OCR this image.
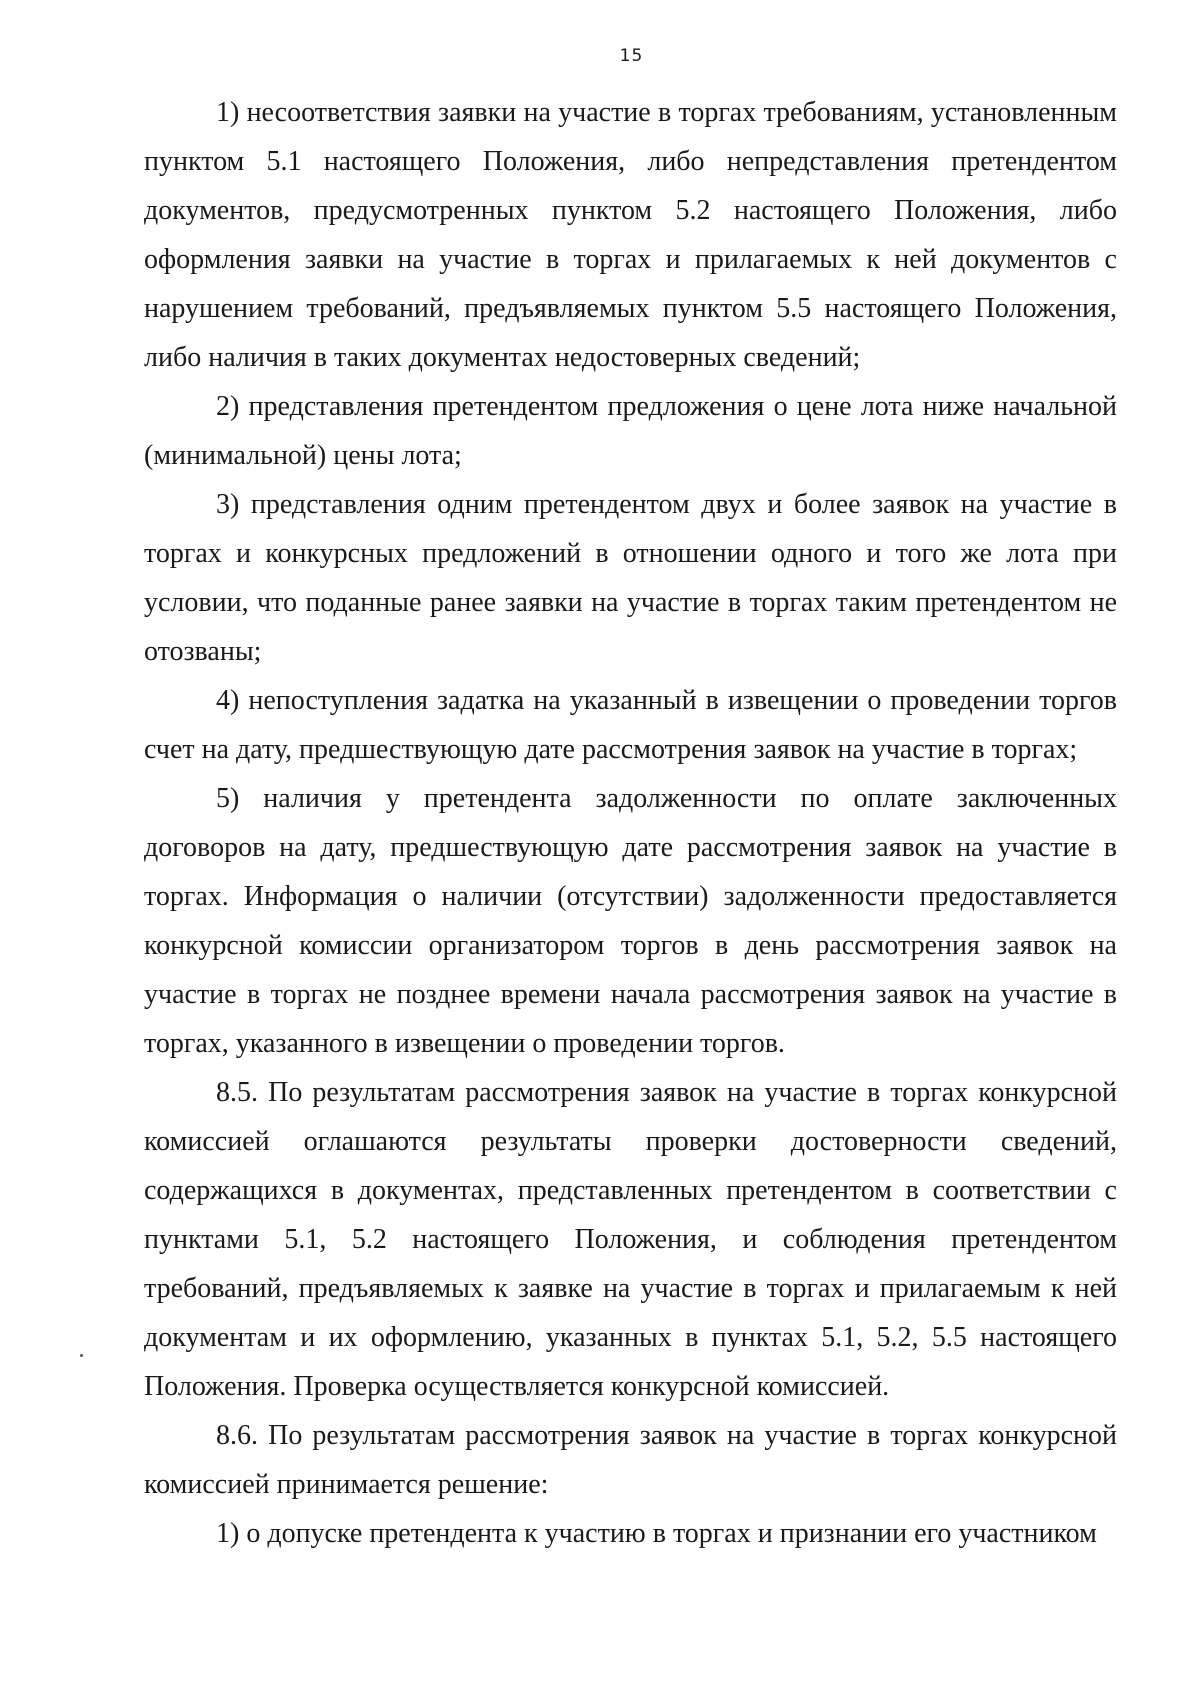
15

1) несоответствия заявки на участие в торгах требованиям, установленным пунктом 5.1 настоящего Положения, либо непредставления претендентом документов, предусмотренных пунктом 5.2 настоящего Положения, либо оформления заявки на участие в торгах и прилагаемых к ней документов с нарушением требований, предъявляемых пунктом 5.5 настоящего Положения, либо наличия в таких документах недостоверных сведений;

2) представления претендентом предложения о цене лота ниже начальной (минимальной) цены лота;

3) представления одним претендентом двух и более заявок на участие в торгах и конкурсных предложений в отношении одного и того же лота при условии, что поданные ранее заявки на участие в торгах таким претендентом не отозваны;

4) непоступления задатка на указанный в извещении о проведении торгов счет на дату, предшествующую дате рассмотрения заявок на участие в торгах;

5) наличия у претендента задолженности по оплате заключенных договоров на дату, предшествующую дате рассмотрения заявок на участие в торгах. Информация о наличии (отсутствии) задолженности предоставляется конкурсной комиссии организатором торгов в день рассмотрения заявок на участие в торгах не позднее времени начала рассмотрения заявок на участие в торгах, указанного в извещении о проведении торгов.

8.5. По результатам рассмотрения заявок на участие в торгах конкурсной комиссией оглашаются результаты проверки достоверности сведений, содержащихся в документах, представленных претендентом в соответствии с пунктами 5.1, 5.2 настоящего Положения, и соблюдения претендентом требований, предъявляемых к заявке на участие в торгах и прилагаемым к ней документам и их оформлению, указанных в пунктах 5.1, 5.2, 5.5 настоящего Положения. Проверка осуществляется конкурсной комиссией.

8.6. По результатам рассмотрения заявок на участие в торгах конкурсной комиссией принимается решение:

1) о допуске претендента к участию в торгах и признании его участником
